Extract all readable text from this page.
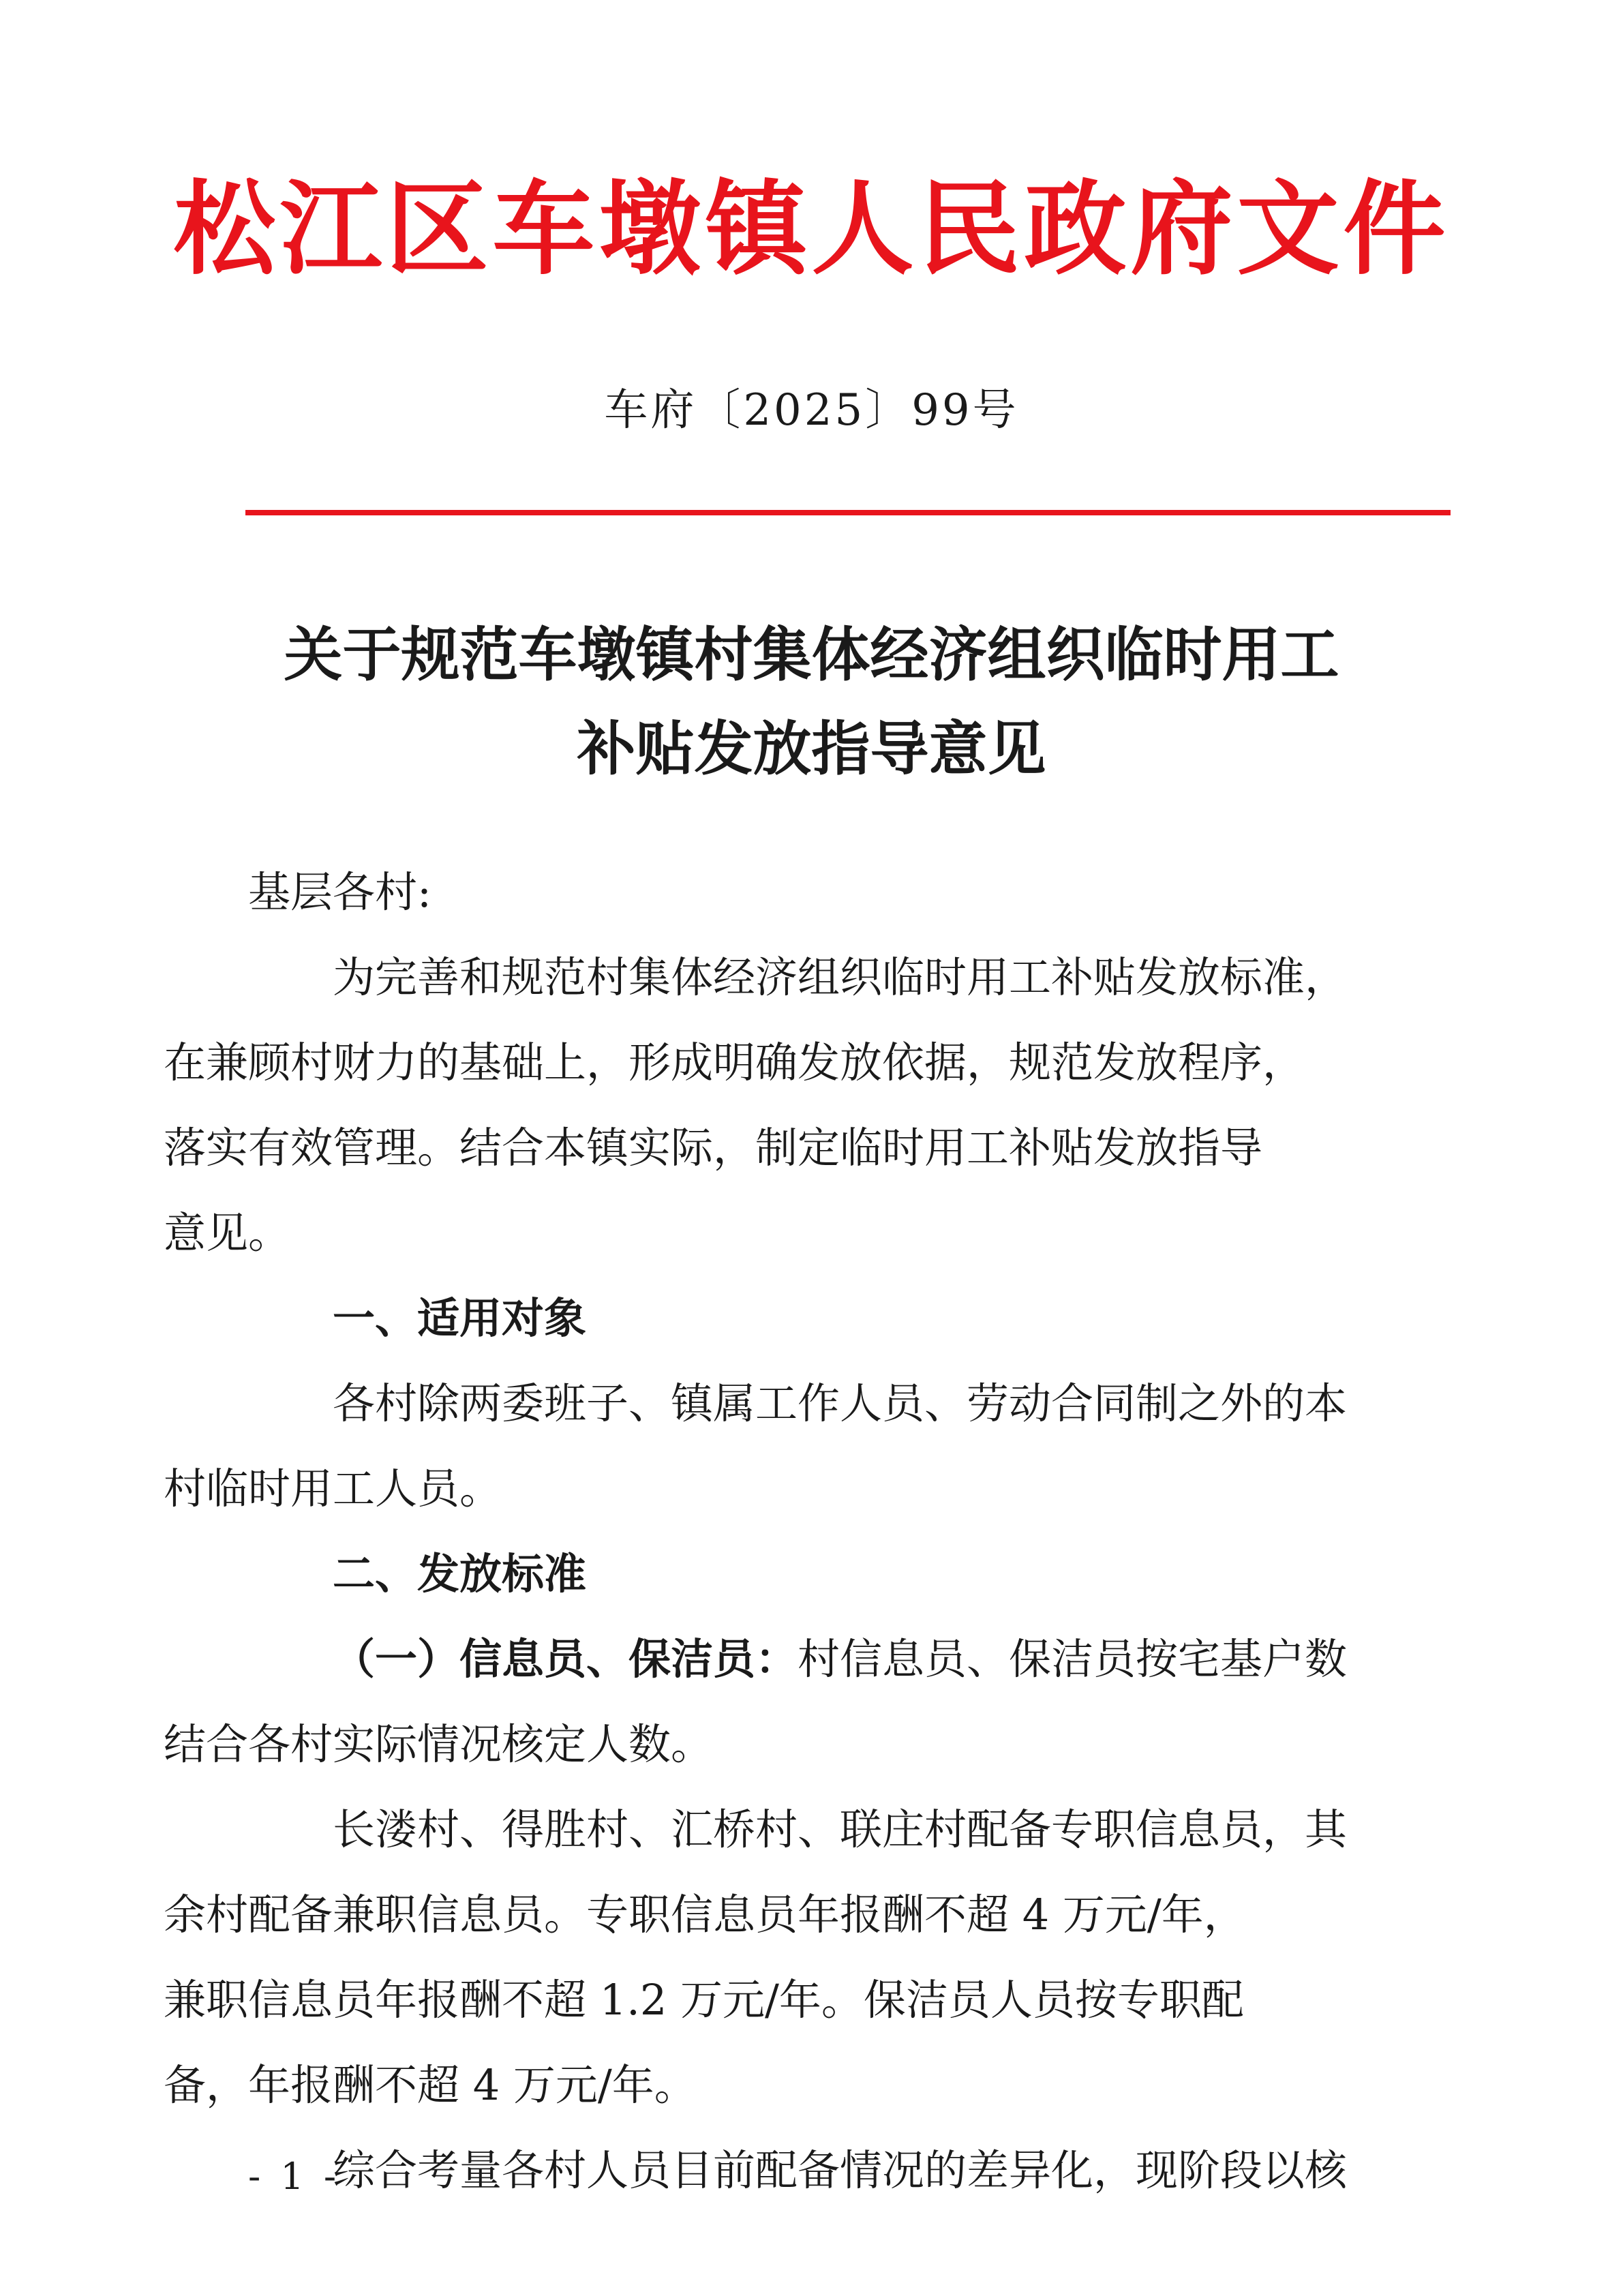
松江区车墩镇人民政府文件
车府〔2025〕99号
关于规范车墩镇村集体经济组织临时用工
补贴发放指导意见

基层各村:

为完善和规范村集体经济组织临时用工补贴发放标准，
在兼顾村财力的基础上，形成明确发放依据，规范发放程序，
落实有效管理。结合本镇实际，制定临时用工补贴发放指导
意见。

一、适用对象

各村除两委班子、镇属工作人员、劳动合同制之外的本
村临时用工人员。

二、发放标准

（一）信息员、保洁员：村信息员、保洁员按宅基户数
结合各村实际情况核定人数。

长溇村、得胜村、汇桥村、联庄村配备专职信息员，其
余村配备兼职信息员。专职信息员年报酬不超 4 万元/年，
兼职信息员年报酬不超 1.2 万元/年。保洁员人员按专职配
备，年报酬不超 4 万元/年。

综合考量各村人员目前配备情况的差异化，现阶段以核

- 1 -
